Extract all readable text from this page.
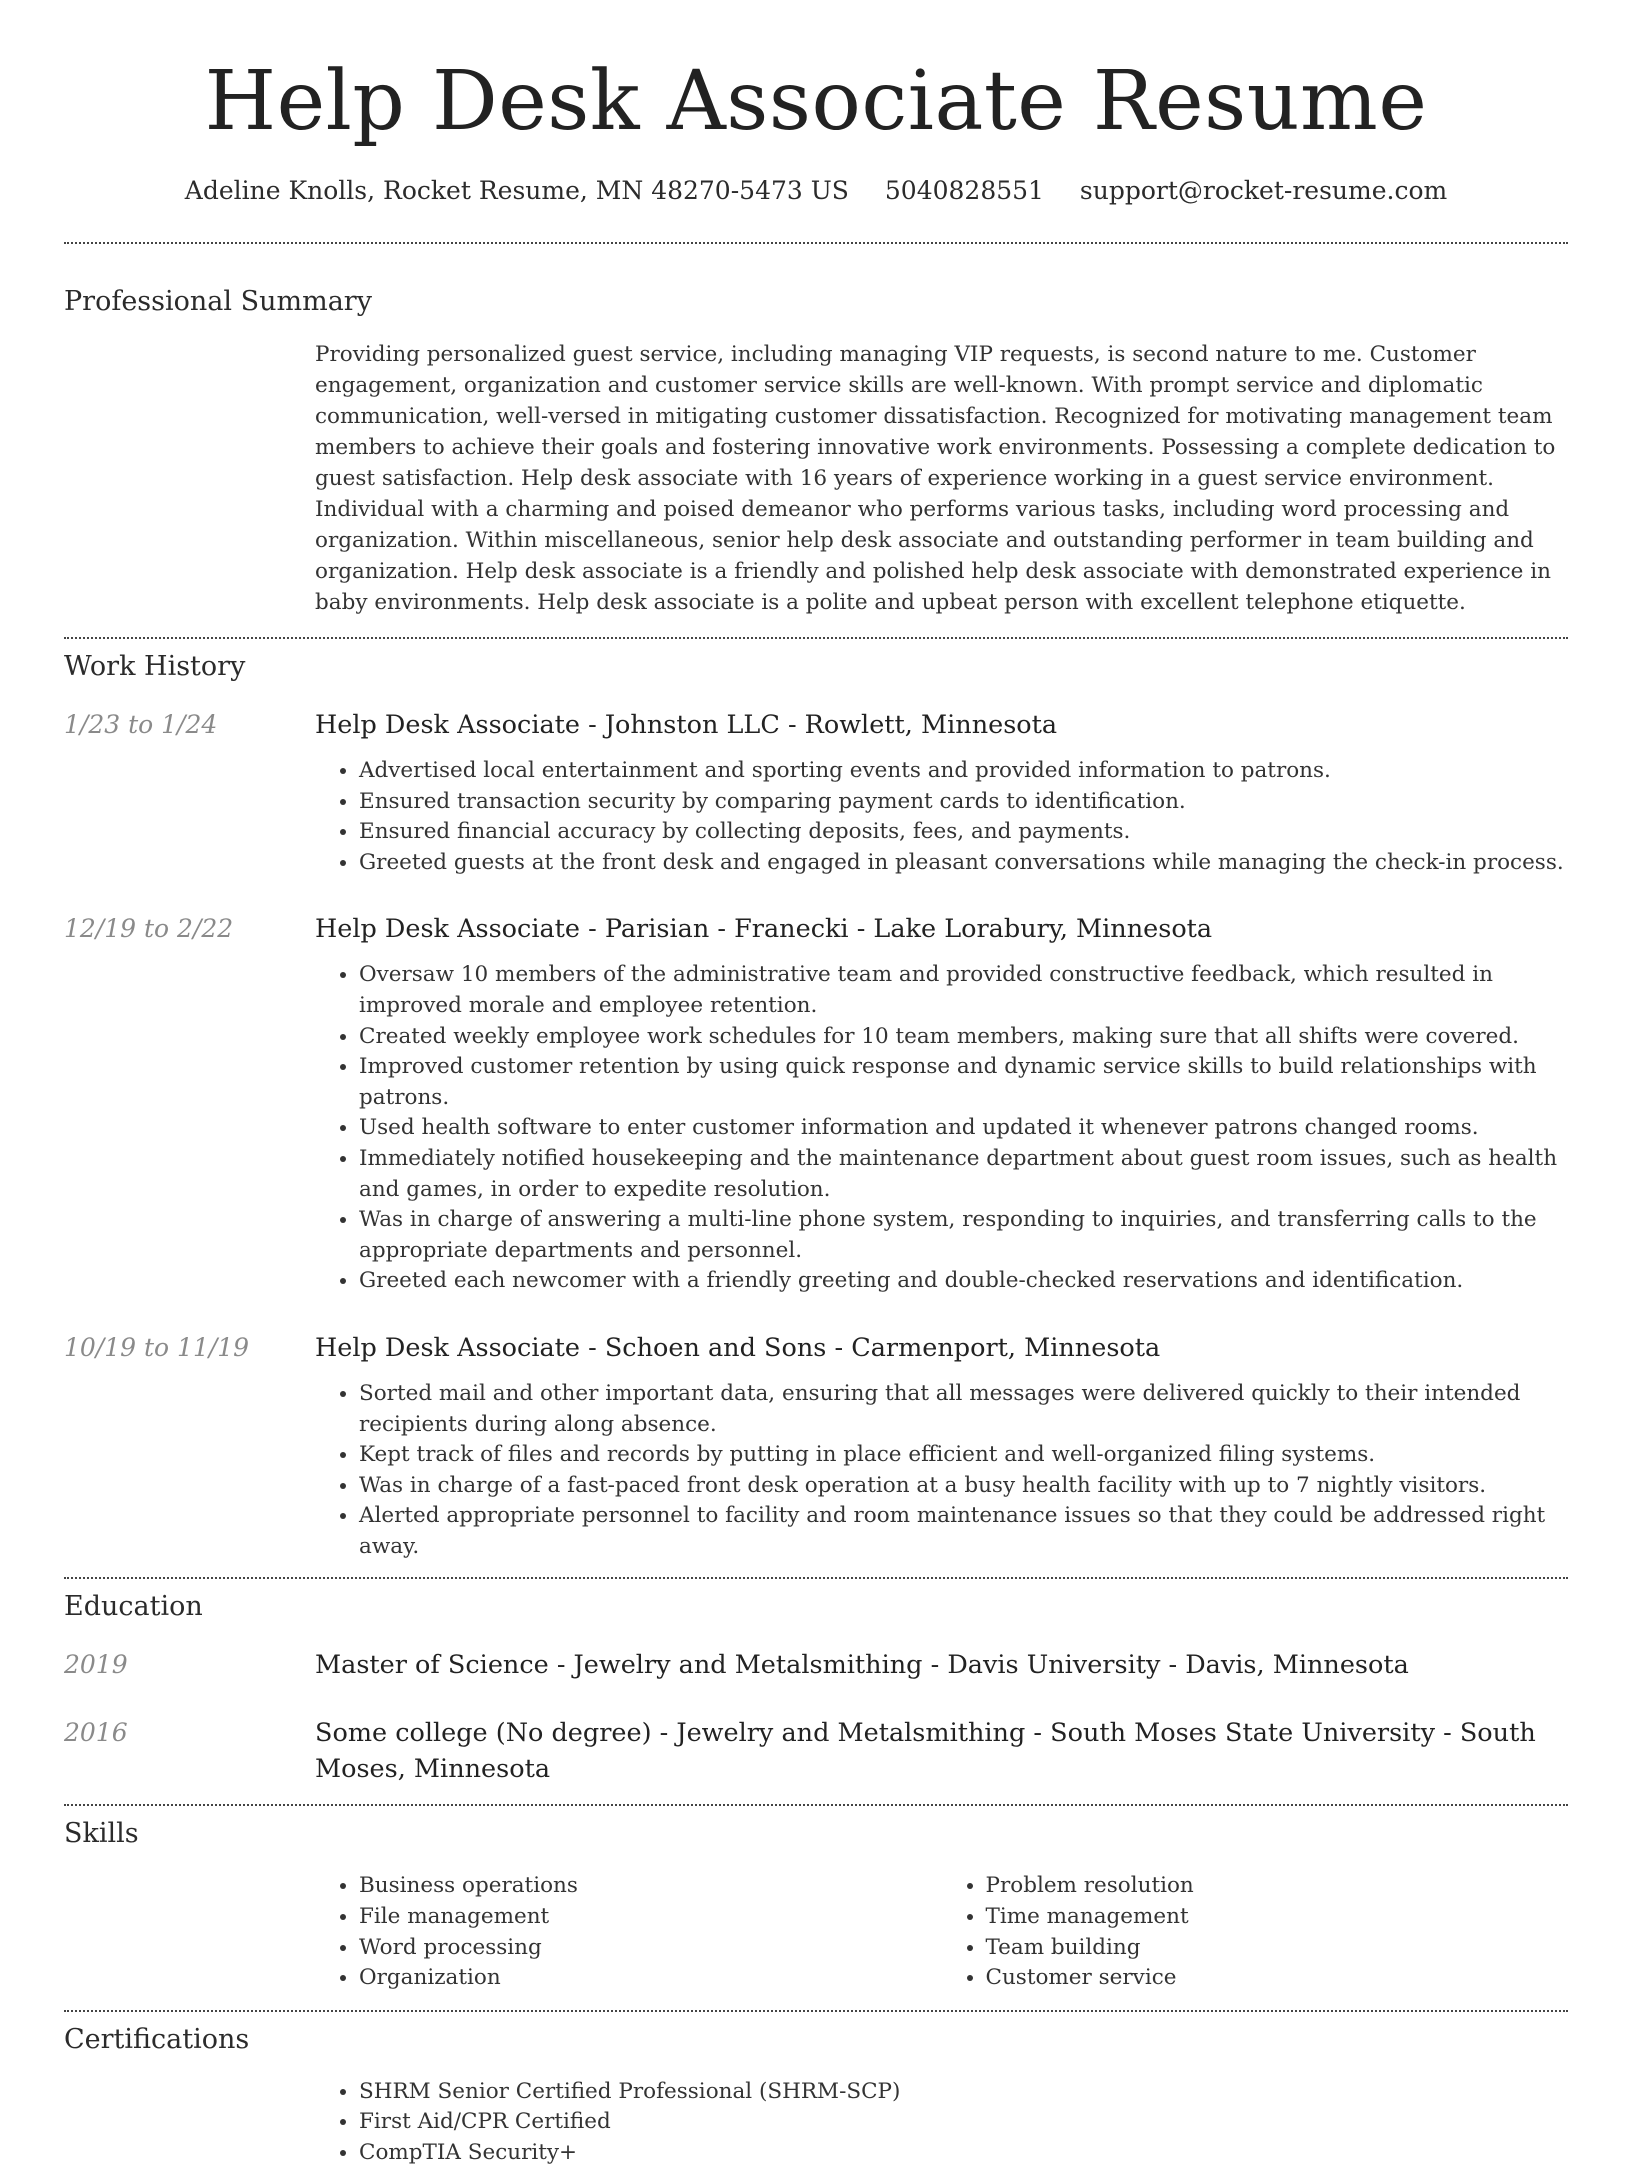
Help Desk Associate Resume
Adeline Knolls, Rocket Resume, MN 48270-5473 US 5040828551 support@rocket-resume.com
Professional Summary

Providing personalized guest service, including managing VIP requests, is second nature to me. Customer engagement, organization and customer service skills are well-known. With prompt service and diplomatic communication, well-versed in mitigating customer dissatisfaction. Recognized for motivating management team members to achieve their goals and fostering innovative work environments. Possessing a complete dedication to guest satisfaction. Help desk associate with 16 years of experience working in a guest service environment. Individual with a charming and poised demeanor who performs various tasks, including word processing and organization. Within miscellaneous, senior help desk associate and outstanding performer in team building and organization. Help desk associate is a friendly and polished help desk associate with demonstrated experience in baby environments. Help desk associate is a polite and upbeat person with excellent telephone etiquette.

Work History
1/23 to 1/24	Help Desk Associate - Johnston LLC - Rowlett, Minnesota
• Advertised local entertainment and sporting events and provided information to patrons.
• Ensured transaction security by comparing payment cards to identification.
• Ensured financial accuracy by collecting deposits, fees, and payments.
• Greeted guests at the front desk and engaged in pleasant conversations while managing the check-in process.
12/19 to 2/22	Help Desk Associate - Parisian - Franecki - Lake Lorabury, Minnesota
• Oversaw 10 members of the administrative team and provided constructive feedback, which resulted in improved morale and employee retention.
• Created weekly employee work schedules for 10 team members, making sure that all shifts were covered.
• Improved customer retention by using quick response and dynamic service skills to build relationships with patrons.
• Used health software to enter customer information and updated it whenever patrons changed rooms.
• Immediately notified housekeeping and the maintenance department about guest room issues, such as health and games, in order to expedite resolution.
• Was in charge of answering a multi-line phone system, responding to inquiries, and transferring calls to the appropriate departments and personnel.
• Greeted each newcomer with a friendly greeting and double-checked reservations and identification.
10/19 to 11/19	Help Desk Associate - Schoen and Sons - Carmenport, Minnesota
• Sorted mail and other important data, ensuring that all messages were delivered quickly to their intended recipients during along absence.
• Kept track of files and records by putting in place efficient and well-organized filing systems.
• Was in charge of a fast-paced front desk operation at a busy health facility with up to 7 nightly visitors.
• Alerted appropriate personnel to facility and room maintenance issues so that they could be addressed right away.
Education
2019	Master of Science - Jewelry and Metalsmithing - Davis University - Davis, Minnesota
2016	Some college (No degree) - Jewelry and Metalsmithing - South Moses State University - South Moses, Minnesota
Skills
• Business operations
• File management
• Word processing
• Organization
• Problem resolution
• Time management
• Team building
• Customer service
Certifications
• SHRM Senior Certified Professional (SHRM-SCP)
• First Aid/CPR Certified
• CompTIA Security+
